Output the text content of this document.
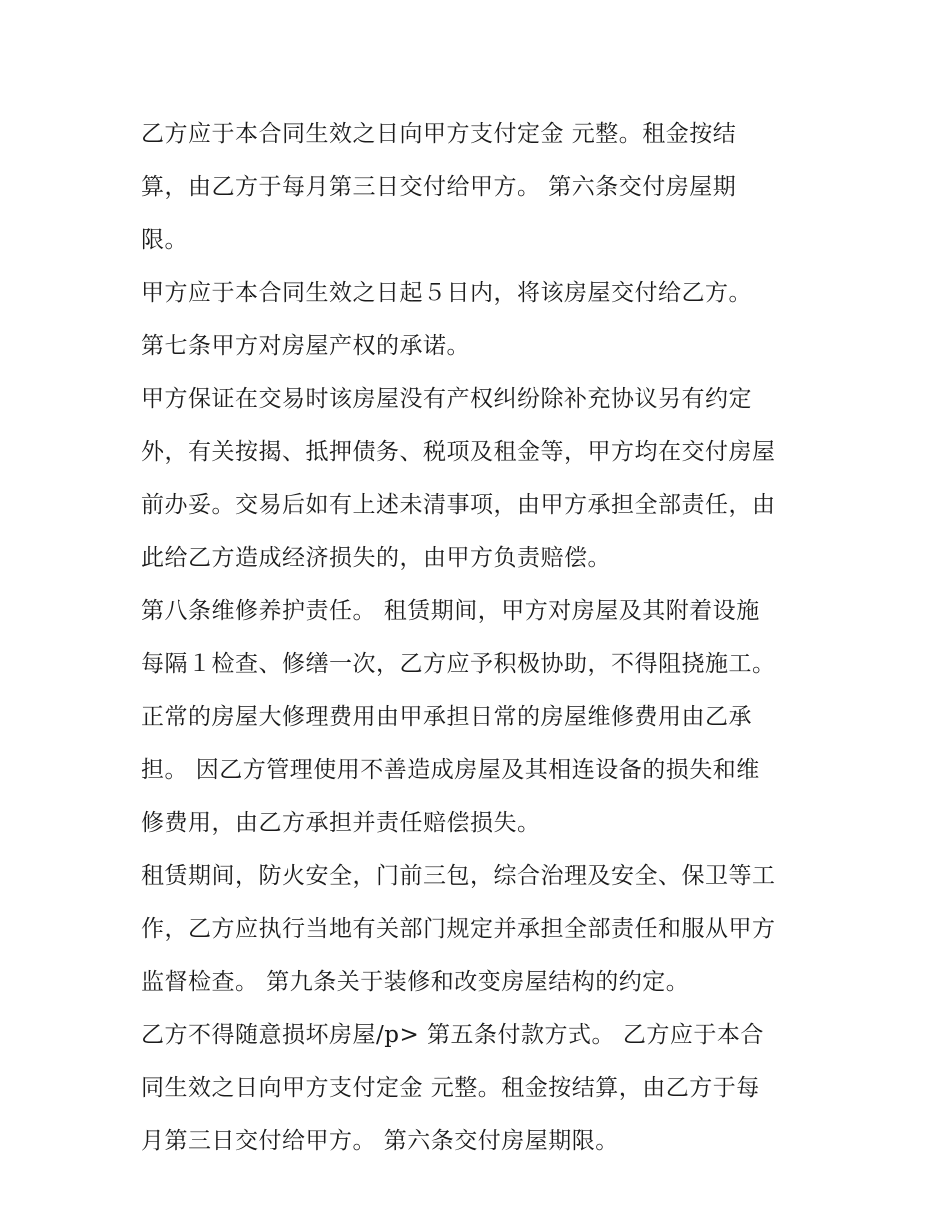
乙方应于本合同生效之日向甲方支付定金 元整。租金按结
算，由乙方于每月第三日交付给甲方。 第六条交付房屋期
限。

甲方应于本合同生效之日起５日内，将该房屋交付给乙方。

第七条甲方对房屋产权的承诺。

甲方保证在交易时该房屋没有产权纠纷除补充协议另有约定
外，有关按揭、抵押债务、税项及租金等，甲方均在交付房屋
前办妥。交易后如有上述未清事项，由甲方承担全部责任，由
此给乙方造成经济损失的，由甲方负责赔偿。

第八条维修养护责任。 租赁期间，甲方对房屋及其附着设施
每隔１检查、修缮一次，乙方应予积极协助，不得阻挠施工。
正常的房屋大修理费用由甲承担日常的房屋维修费用由乙承
担。 因乙方管理使用不善造成房屋及其相连设备的损失和维
修费用，由乙方承担并责任赔偿损失。

租赁期间，防火安全，门前三包，综合治理及安全、保卫等工
作，乙方应执行当地有关部门规定并承担全部责任和服从甲方
监督检查。 第九条关于装修和改变房屋结构的约定。

乙方不得随意损坏房屋/p> 第五条付款方式。 乙方应于本合
同生效之日向甲方支付定金 元整。租金按结算，由乙方于每
月第三日交付给甲方。 第六条交付房屋期限。
